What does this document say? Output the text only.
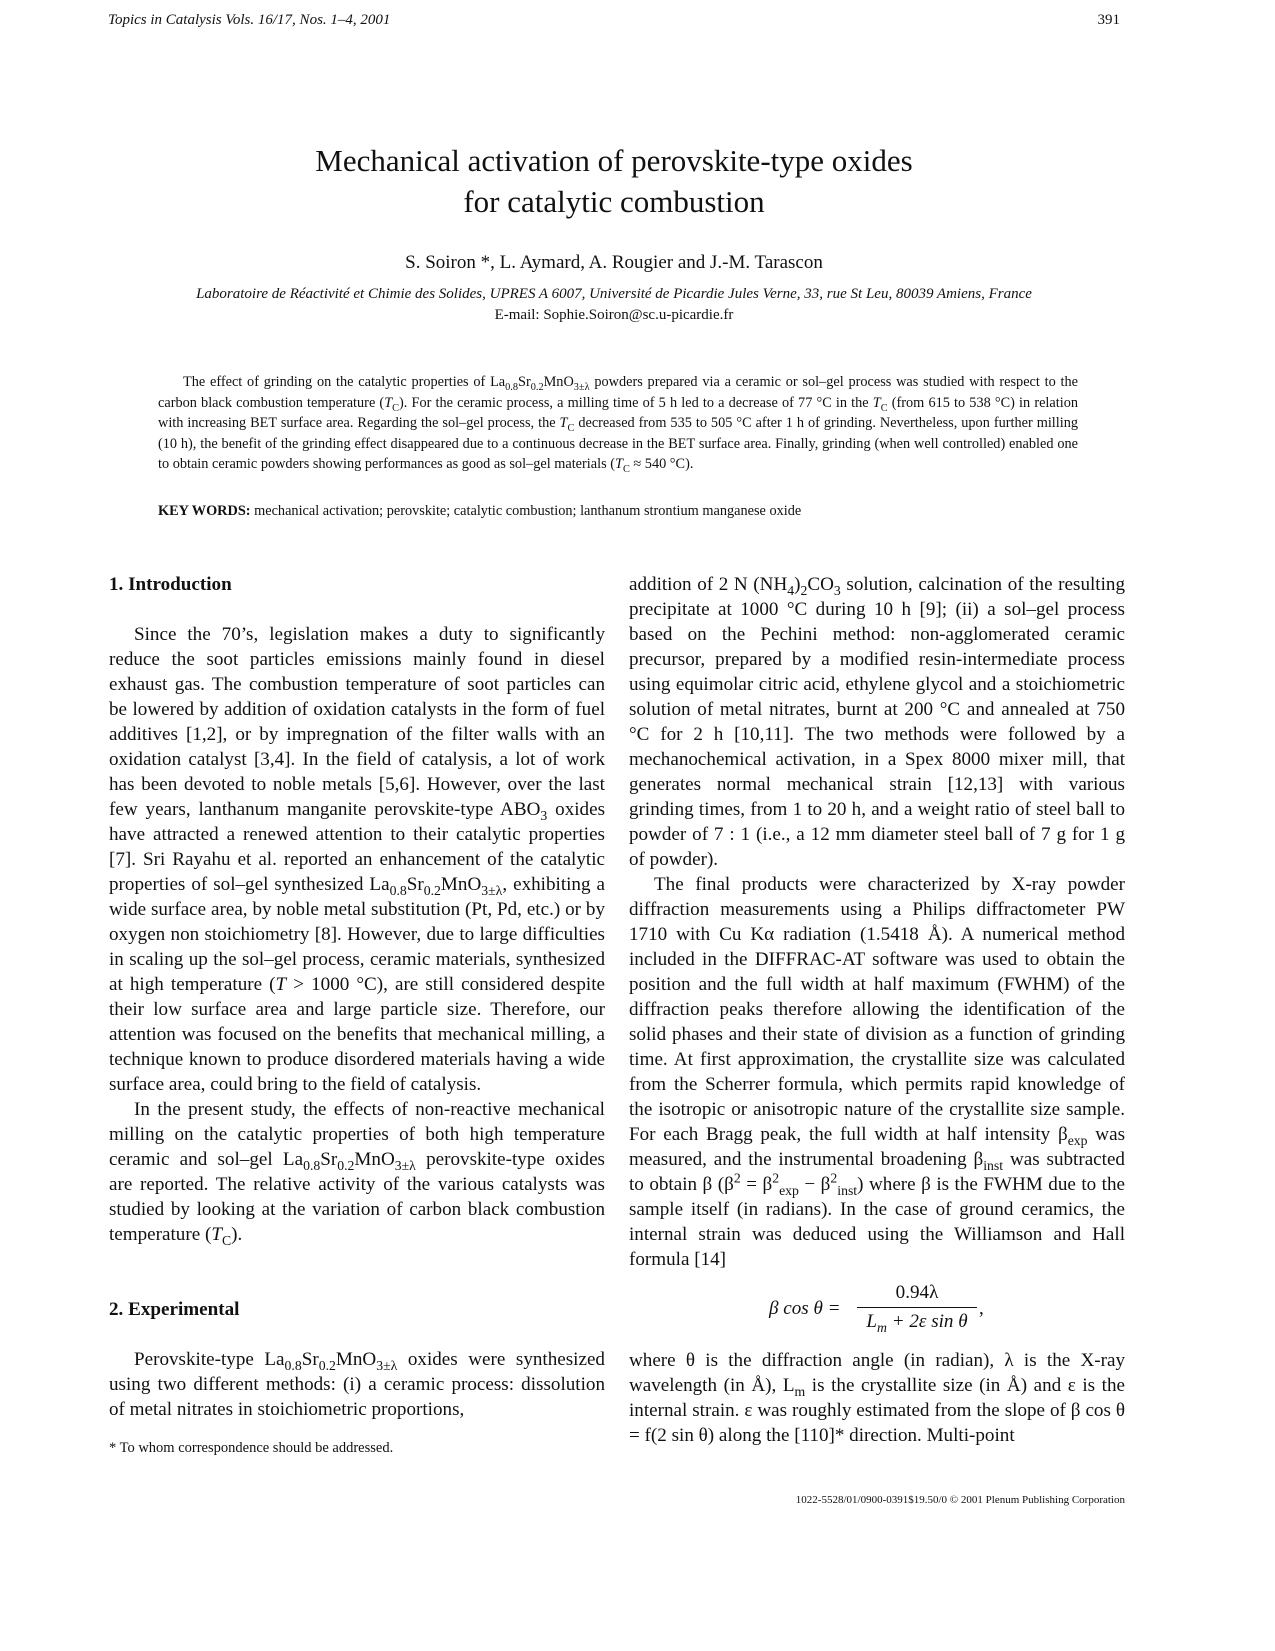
Topics in Catalysis Vols. 16/17, Nos. 1–4, 2001	391
Mechanical activation of perovskite-type oxides
for catalytic combustion
S. Soiron *, L. Aymard, A. Rougier and J.-M. Tarascon
Laboratoire de Réactivité et Chimie des Solides, UPRES A 6007, Université de Picardie Jules Verne, 33, rue St Leu, 80039 Amiens, France
E-mail: Sophie.Soiron@sc.u-picardie.fr

The effect of grinding on the catalytic properties of $La_{0.8}Sr_{0.2}MnO_{3\pm\lambda}$ powders prepared via a ceramic or sol–gel process was studied with respect to the carbon black combustion temperature $(T_C)$. For the ceramic process, a milling time of 5 h led to a decrease of 77 °C in the $T_C$ (from 615 to 538 °C) in relation with increasing BET surface area. Regarding the sol–gel process, the $T_C$ decreased from 535 to 505 °C after 1 h of grinding. Nevertheless, upon further milling (10 h), the benefit of the grinding effect disappeared due to a continuous decrease in the BET surface area. Finally, grinding (when well controlled) enabled one to obtain ceramic powders showing performances as good as sol–gel materials ($T_C \approx 540$ °C).

KEY WORDS: mechanical activation; perovskite; catalytic combustion; lanthanum strontium manganese oxide

1. Introduction

Since the 70’s, legislation makes a duty to significantly reduce the soot particles emissions mainly found in diesel exhaust gas. The combustion temperature of soot particles can be lowered by addition of oxidation catalysts in the form of fuel additives [1,2], or by impregnation of the filter walls with an oxidation catalyst [3,4]. In the field of catalysis, a lot of work has been devoted to noble metals [5,6]. However, over the last few years, lanthanum manganite perovskite-type $ABO_3$ oxides have attracted a renewed attention to their catalytic properties [7]. Sri Rayahu et al. reported an enhancement of the catalytic properties of sol–gel synthesized $La_{0.8}Sr_{0.2}MnO_{3\pm\lambda}$, exhibiting a wide surface area, by noble metal substitution (Pt, Pd, etc.) or by oxygen non stoichiometry [8]. However, due to large difficulties in scaling up the sol–gel process, ceramic materials, synthesized at high temperature (T > 1000 °C), are still considered despite their low surface area and large particle size. Therefore, our attention was focused on the benefits that mechanical milling, a technique known to produce disordered materials having a wide surface area, could bring to the field of catalysis.

In the present study, the effects of non-reactive mechanical milling on the catalytic properties of both high temperature ceramic and sol–gel $La_{0.8}Sr_{0.2}MnO_{3\pm\lambda}$ perovskite-type oxides are reported. The relative activity of the various catalysts was studied by looking at the variation of carbon black combustion temperature $(T_C)$.

2. Experimental

Perovskite-type $La_{0.8}Sr_{0.2}MnO_{3\pm\lambda}$ oxides were synthesized using two different methods: (i) a ceramic process: dissolution of metal nitrates in stoichiometric proportions,

addition of 2 N $(NH_4)_2CO_3$ solution, calcination of the resulting precipitate at 1000 °C during 10 h [9]; (ii) a sol–gel process based on the Pechini method: non-agglomerated ceramic precursor, prepared by a modified resin-intermediate process using equimolar citric acid, ethylene glycol and a stoichiometric solution of metal nitrates, burnt at 200 °C and annealed at 750 °C for 2 h [10,11]. The two methods were followed by a mechanochemical activation, in a Spex 8000 mixer mill, that generates normal mechanical strain [12,13] with various grinding times, from 1 to 20 h, and a weight ratio of steel ball to powder of 7 : 1 (i.e., a 12 mm diameter steel ball of 7 g for 1 g of powder).

The final products were characterized by X-ray powder diffraction measurements using a Philips diffractometer PW 1710 with Cu Kα radiation (1.5418 Å). A numerical method included in the DIFFRAC-AT software was used to obtain the position and the full width at half maximum (FWHM) of the diffraction peaks therefore allowing the identification of the solid phases and their state of division as a function of grinding time. At first approximation, the crystallite size was calculated from the Scherrer formula, which permits rapid knowledge of the isotropic or anisotropic nature of the crystallite size sample. For each Bragg peak, the full width at half intensity $\beta_{exp}$ was measured, and the instrumental broadening $\beta_{inst}$ was subtracted to obtain β $(\beta^2 = \beta^2_{exp} - \beta^2_{inst})$ where β is the FWHM due to the sample itself (in radians). In the case of ground ceramics, the internal strain was deduced using the Williamson and Hall formula [14]

β $\cos \theta = \frac{0.94\lambda}{L_m + 2\varepsilon \sin \theta}$ ,

where θ is the diffraction angle (in radian), λ is the X-ray wavelength (in Å), $L_m$ is the crystallite size (in Å) and ε is the internal strain. ε was roughly estimated from the slope of β cos θ = f(2 sin θ) along the [110]* direction. Multi-point

* To whom correspondence should be addressed.
1022-5528/01/0900-0391$19.50/0 © 2001 Plenum Publishing Corporation
